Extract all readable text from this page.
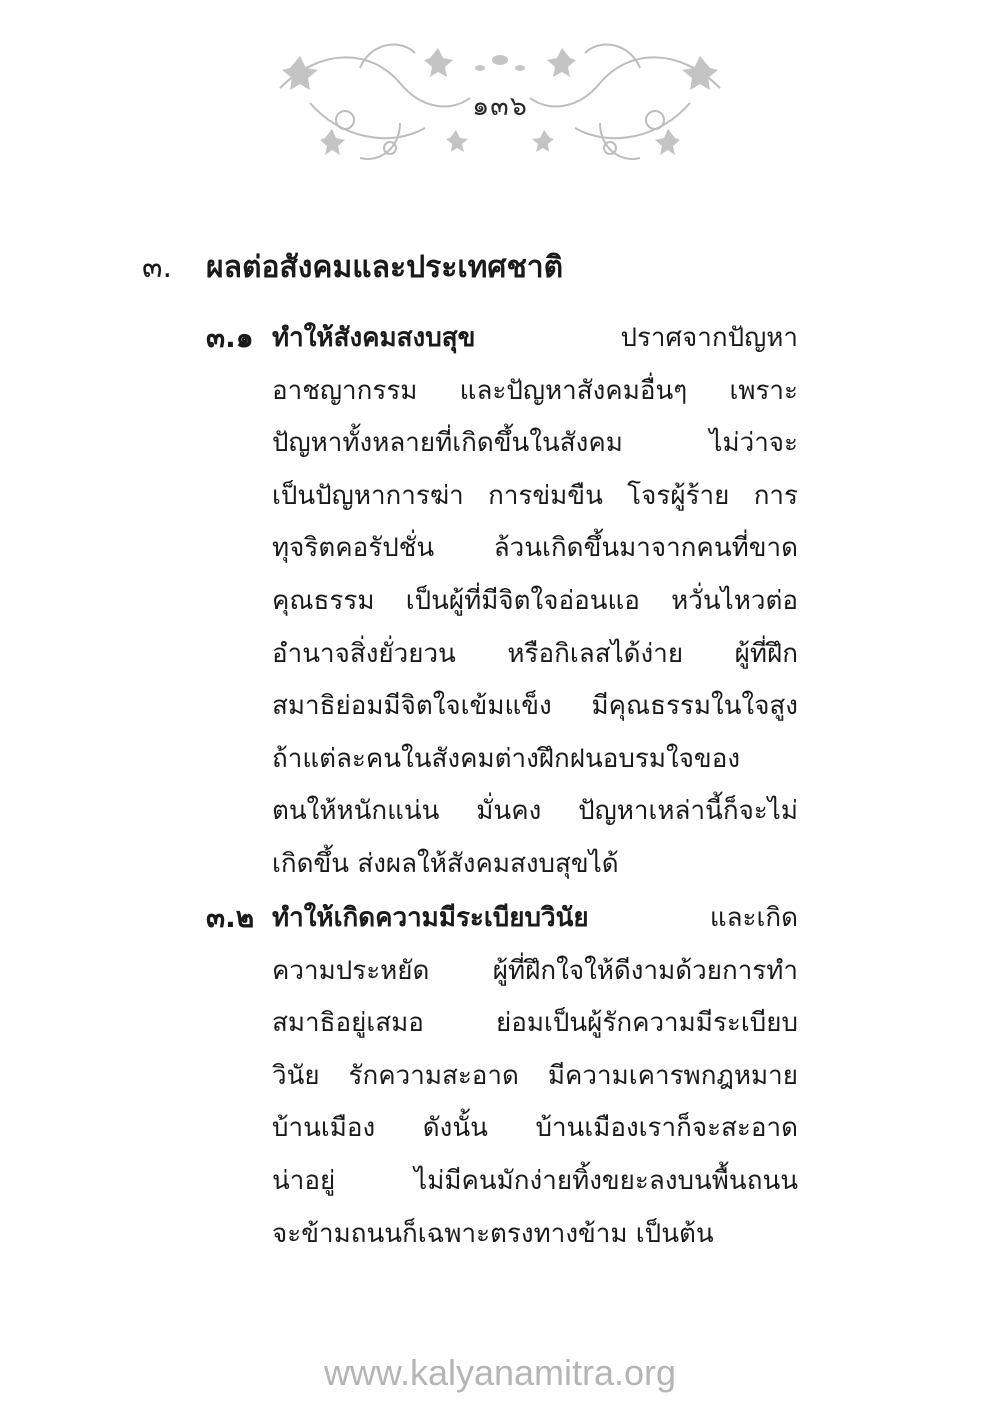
๑๓๖
๓. ผลต่อสังคมและประเทศชาติ
๓.๑ ทำให้สังคมสงบสุข	ปราศจากปัญหา
อาชญากรรม และปัญหาสังคมอื่นๆ เพราะ
ปัญหาทั้งหลายที่เกิดขึ้นในสังคม ไม่ว่าจะ
เป็นปัญหาการฆ่า การข่มขืน โจรผู้ร้าย การ
ทุจริตคอรัปชั่น ล้วนเกิดขึ้นมาจากคนที่ขาด
คุณธรรม เป็นผู้ที่มีจิตใจอ่อนแอ หวั่นไหวต่อ
อำนาจสิ่งยั่วยวน หรือกิเลสได้ง่าย ผู้ที่ฝึก
สมาธิย่อมมีจิตใจเข้มแข็ง มีคุณธรรมในใจสูง
ถ้าแต่ละคนในสังคมต่างฝึกฝนอบรมใจของ
ตนให้หนักแน่น มั่นคง ปัญหาเหล่านี้ก็จะไม่
เกิดขึ้น ส่งผลให้สังคมสงบสุขได้
๓.๒ ทำให้เกิดความมีระเบียบวินัย	และเกิด
ความประหยัด ผู้ที่ฝึกใจให้ดีงามด้วยการทำ
สมาธิอยู่เสมอ ย่อมเป็นผู้รักความมีระเบียบ
วินัย รักความสะอาด มีความเคารพกฎหมาย
บ้านเมือง ดังนั้น บ้านเมืองเราก็จะสะอาด
น่าอยู่ ไม่มีคนมักง่ายทิ้งขยะลงบนพื้นถนน
จะข้ามถนนก็เฉพาะตรงทางข้าม เป็นต้น
www.kalyanamitra.org
